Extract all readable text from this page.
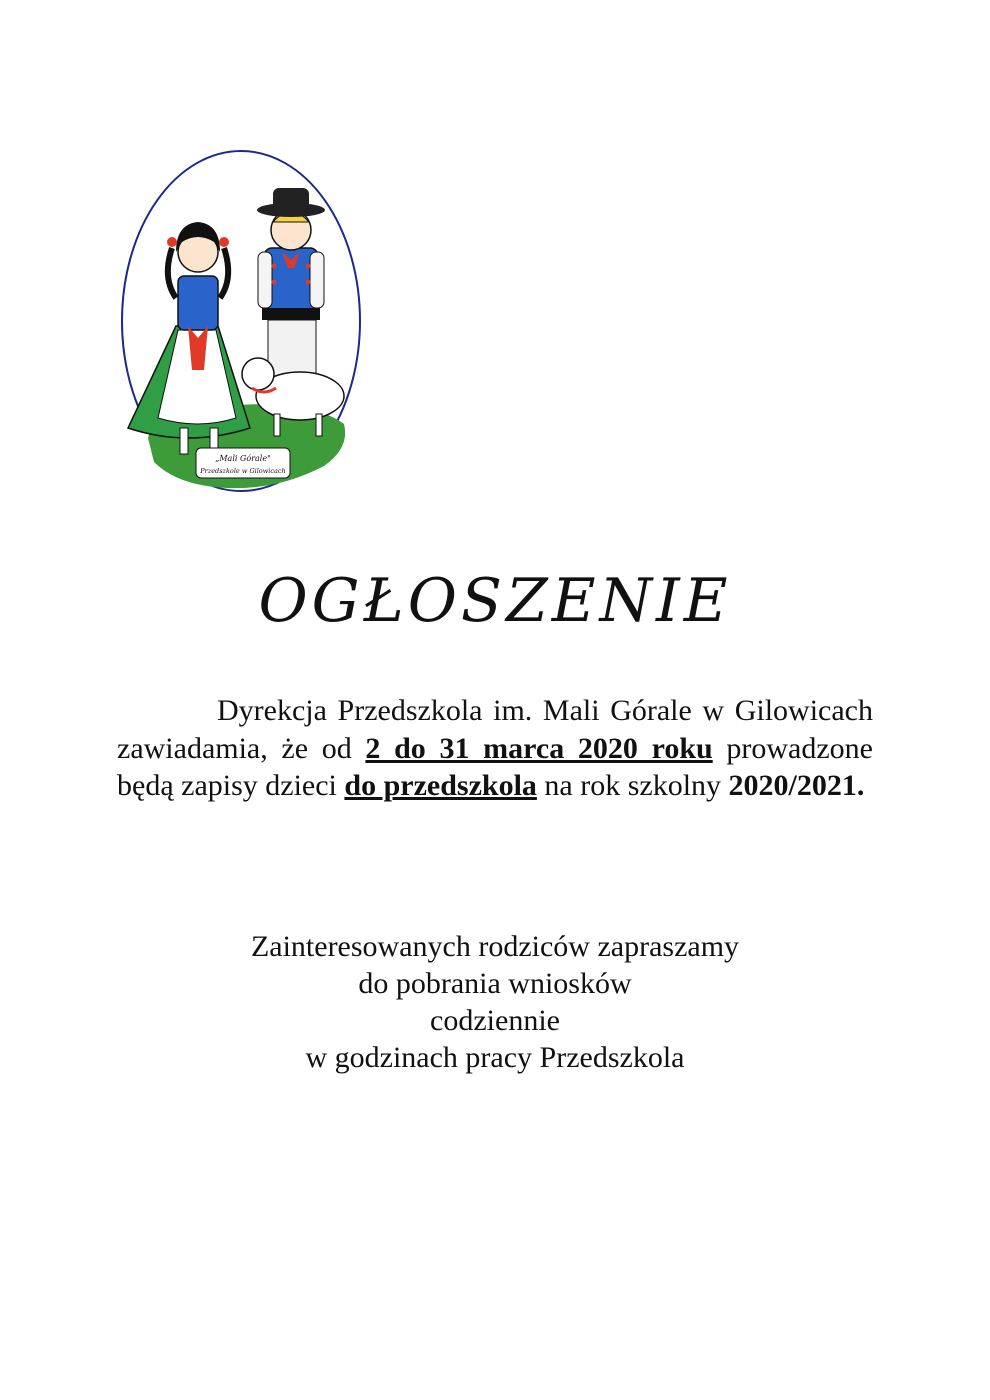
„Mali Górale"
Przedszkole w Gilowicach
OGŁOSZENIE
Dyrekcja Przedszkola im. Mali Górale w Gilowicach zawiadamia, że od 2 do 31 marca 2020 roku prowadzone będą zapisy dzieci do przedszkola na rok szkolny 2020/2021.
Zainteresowanych rodziców zapraszamy
do pobrania wniosków
codziennie
w godzinach pracy Przedszkola
